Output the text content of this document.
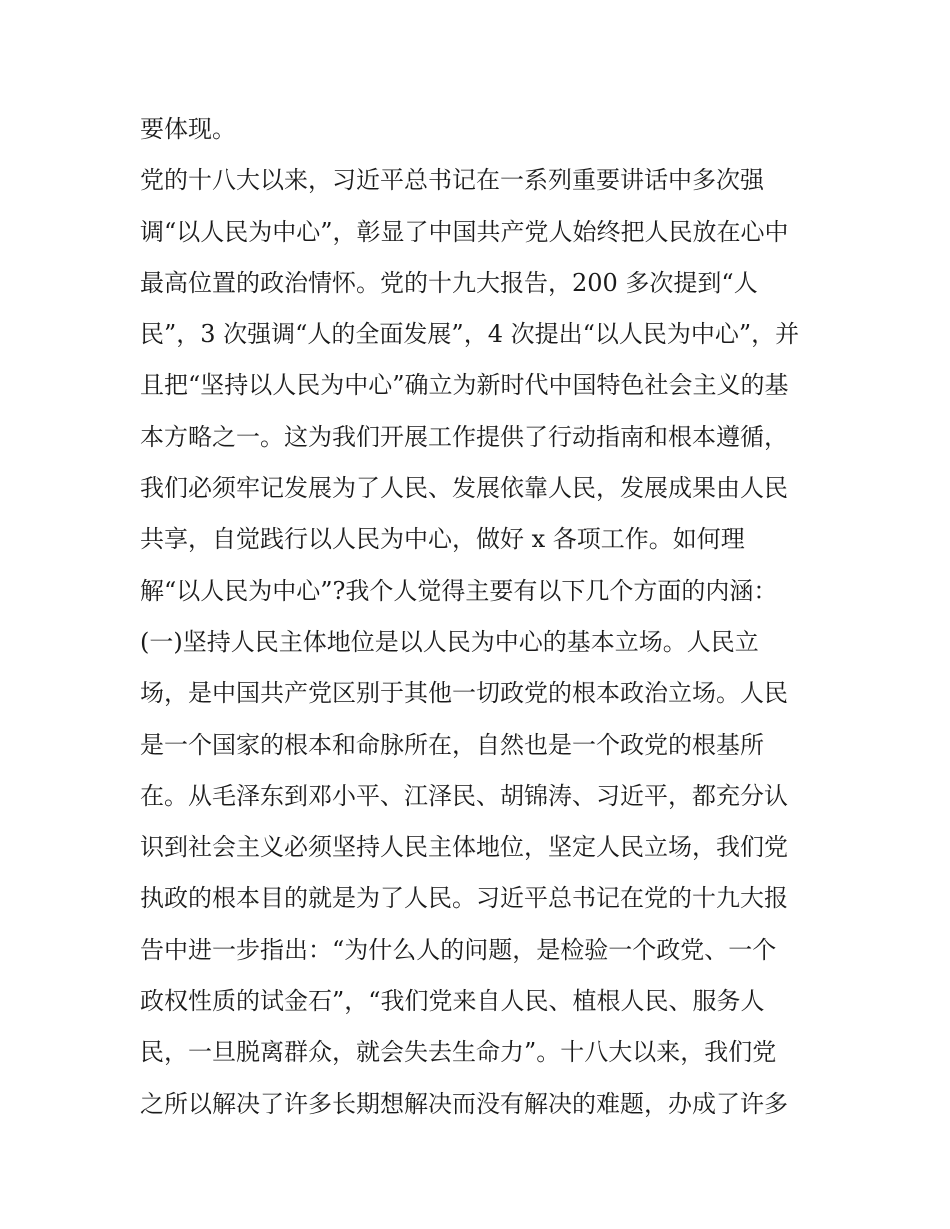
要体现。
党的十八大以来，习近平总书记在一系列重要讲话中多次强
调“以人民为中心”，彰显了中国共产党人始终把人民放在心中
最高位置的政治情怀。党的十九大报告，200 多次提到“人
民”，3 次强调“人的全面发展”，4 次提出“以人民为中心”，并
且把“坚持以人民为中心”确立为新时代中国特色社会主义的基
本方略之一。这为我们开展工作提供了行动指南和根本遵循，
我们必须牢记发展为了人民、发展依靠人民，发展成果由人民
共享，自觉践行以人民为中心，做好 x 各项工作。如何理
解“以人民为中心”?我个人觉得主要有以下几个方面的内涵：
(一)坚持人民主体地位是以人民为中心的基本立场。人民立
场，是中国共产党区别于其他一切政党的根本政治立场。人民
是一个国家的根本和命脉所在，自然也是一个政党的根基所
在。从毛泽东到邓小平、江泽民、胡锦涛、习近平，都充分认
识到社会主义必须坚持人民主体地位，坚定人民立场，我们党
执政的根本目的就是为了人民。习近平总书记在党的十九大报
告中进一步指出：“为什么人的问题，是检验一个政党、一个
政权性质的试金石”，“我们党来自人民、植根人民、服务人
民，一旦脱离群众，就会失去生命力”。十八大以来，我们党
之所以解决了许多长期想解决而没有解决的难题，办成了许多
